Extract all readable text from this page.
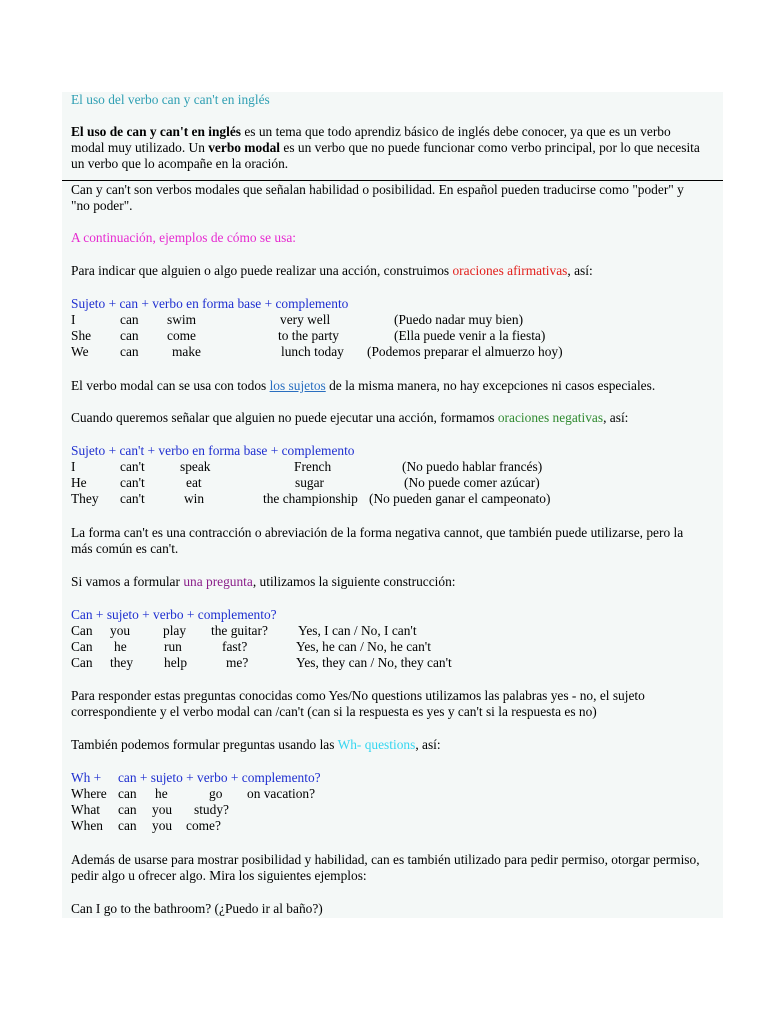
El uso del verbo can y can't en inglés
El uso de can y can't en inglés es un tema que todo aprendiz básico de inglés debe conocer, ya que es un verbo
modal muy utilizado. Un verbo modal es un verbo que no puede funcionar como verbo principal, por lo que necesita
un verbo que lo acompañe en la oración.
Can y can't son verbos modales que señalan habilidad o posibilidad. En español pueden traducirse como "poder" y
"no poder".
A continuación, ejemplos de cómo se usa:
Para indicar que alguien o algo puede realizar una acción, construimos oraciones afirmativas, así:
Sujeto + can + verbo en forma base + complemento
I	can swim	very well	(Puedo nadar muy bien)
She can come	to the party	(Ella puede venir a la fiesta)
We can make	lunch today (Podemos preparar el almuerzo hoy)
El verbo modal can se usa con todos los sujetos de la misma manera, no hay excepciones ni casos especiales.
Cuando queremos señalar que alguien no puede ejecutar una acción, formamos oraciones negativas, así:
Sujeto + can't + verbo en forma base + complemento
I	can't	speak	French	(No puedo hablar francés)
He can't	eat	sugar	(No puede comer azúcar)
They can't	win	the championship (No pueden ganar el campeonato)
La forma can't es una contracción o abreviación de la forma negativa cannot, que también puede utilizarse, pero la
más común es can't.
Si vamos a formular una pregunta, utilizamos la siguiente construcción:
Can + sujeto + verbo + complemento?
Can you play the guitar? Yes, I can / No, I can't
Can he	run	fast?	Yes, he can / No, he can't
Can they help	me?	Yes, they can / No, they can't
Para responder estas preguntas conocidas como Yes/No questions utilizamos las palabras yes - no, el sujeto
correspondiente y el verbo modal can /can't (can si la respuesta es yes y can't si la respuesta es no)
También podemos formular preguntas usando las Wh- questions, así:
Wh +     can + sujeto + verbo + complemento?
Where can he	go on vacation?
What can you study?
When can you come?
Además de usarse para mostrar posibilidad y habilidad, can es también utilizado para pedir permiso, otorgar permiso,
pedir algo u ofrecer algo. Mira los siguientes ejemplos:
Can I go to the bathroom? (¿Puedo ir al baño?)
